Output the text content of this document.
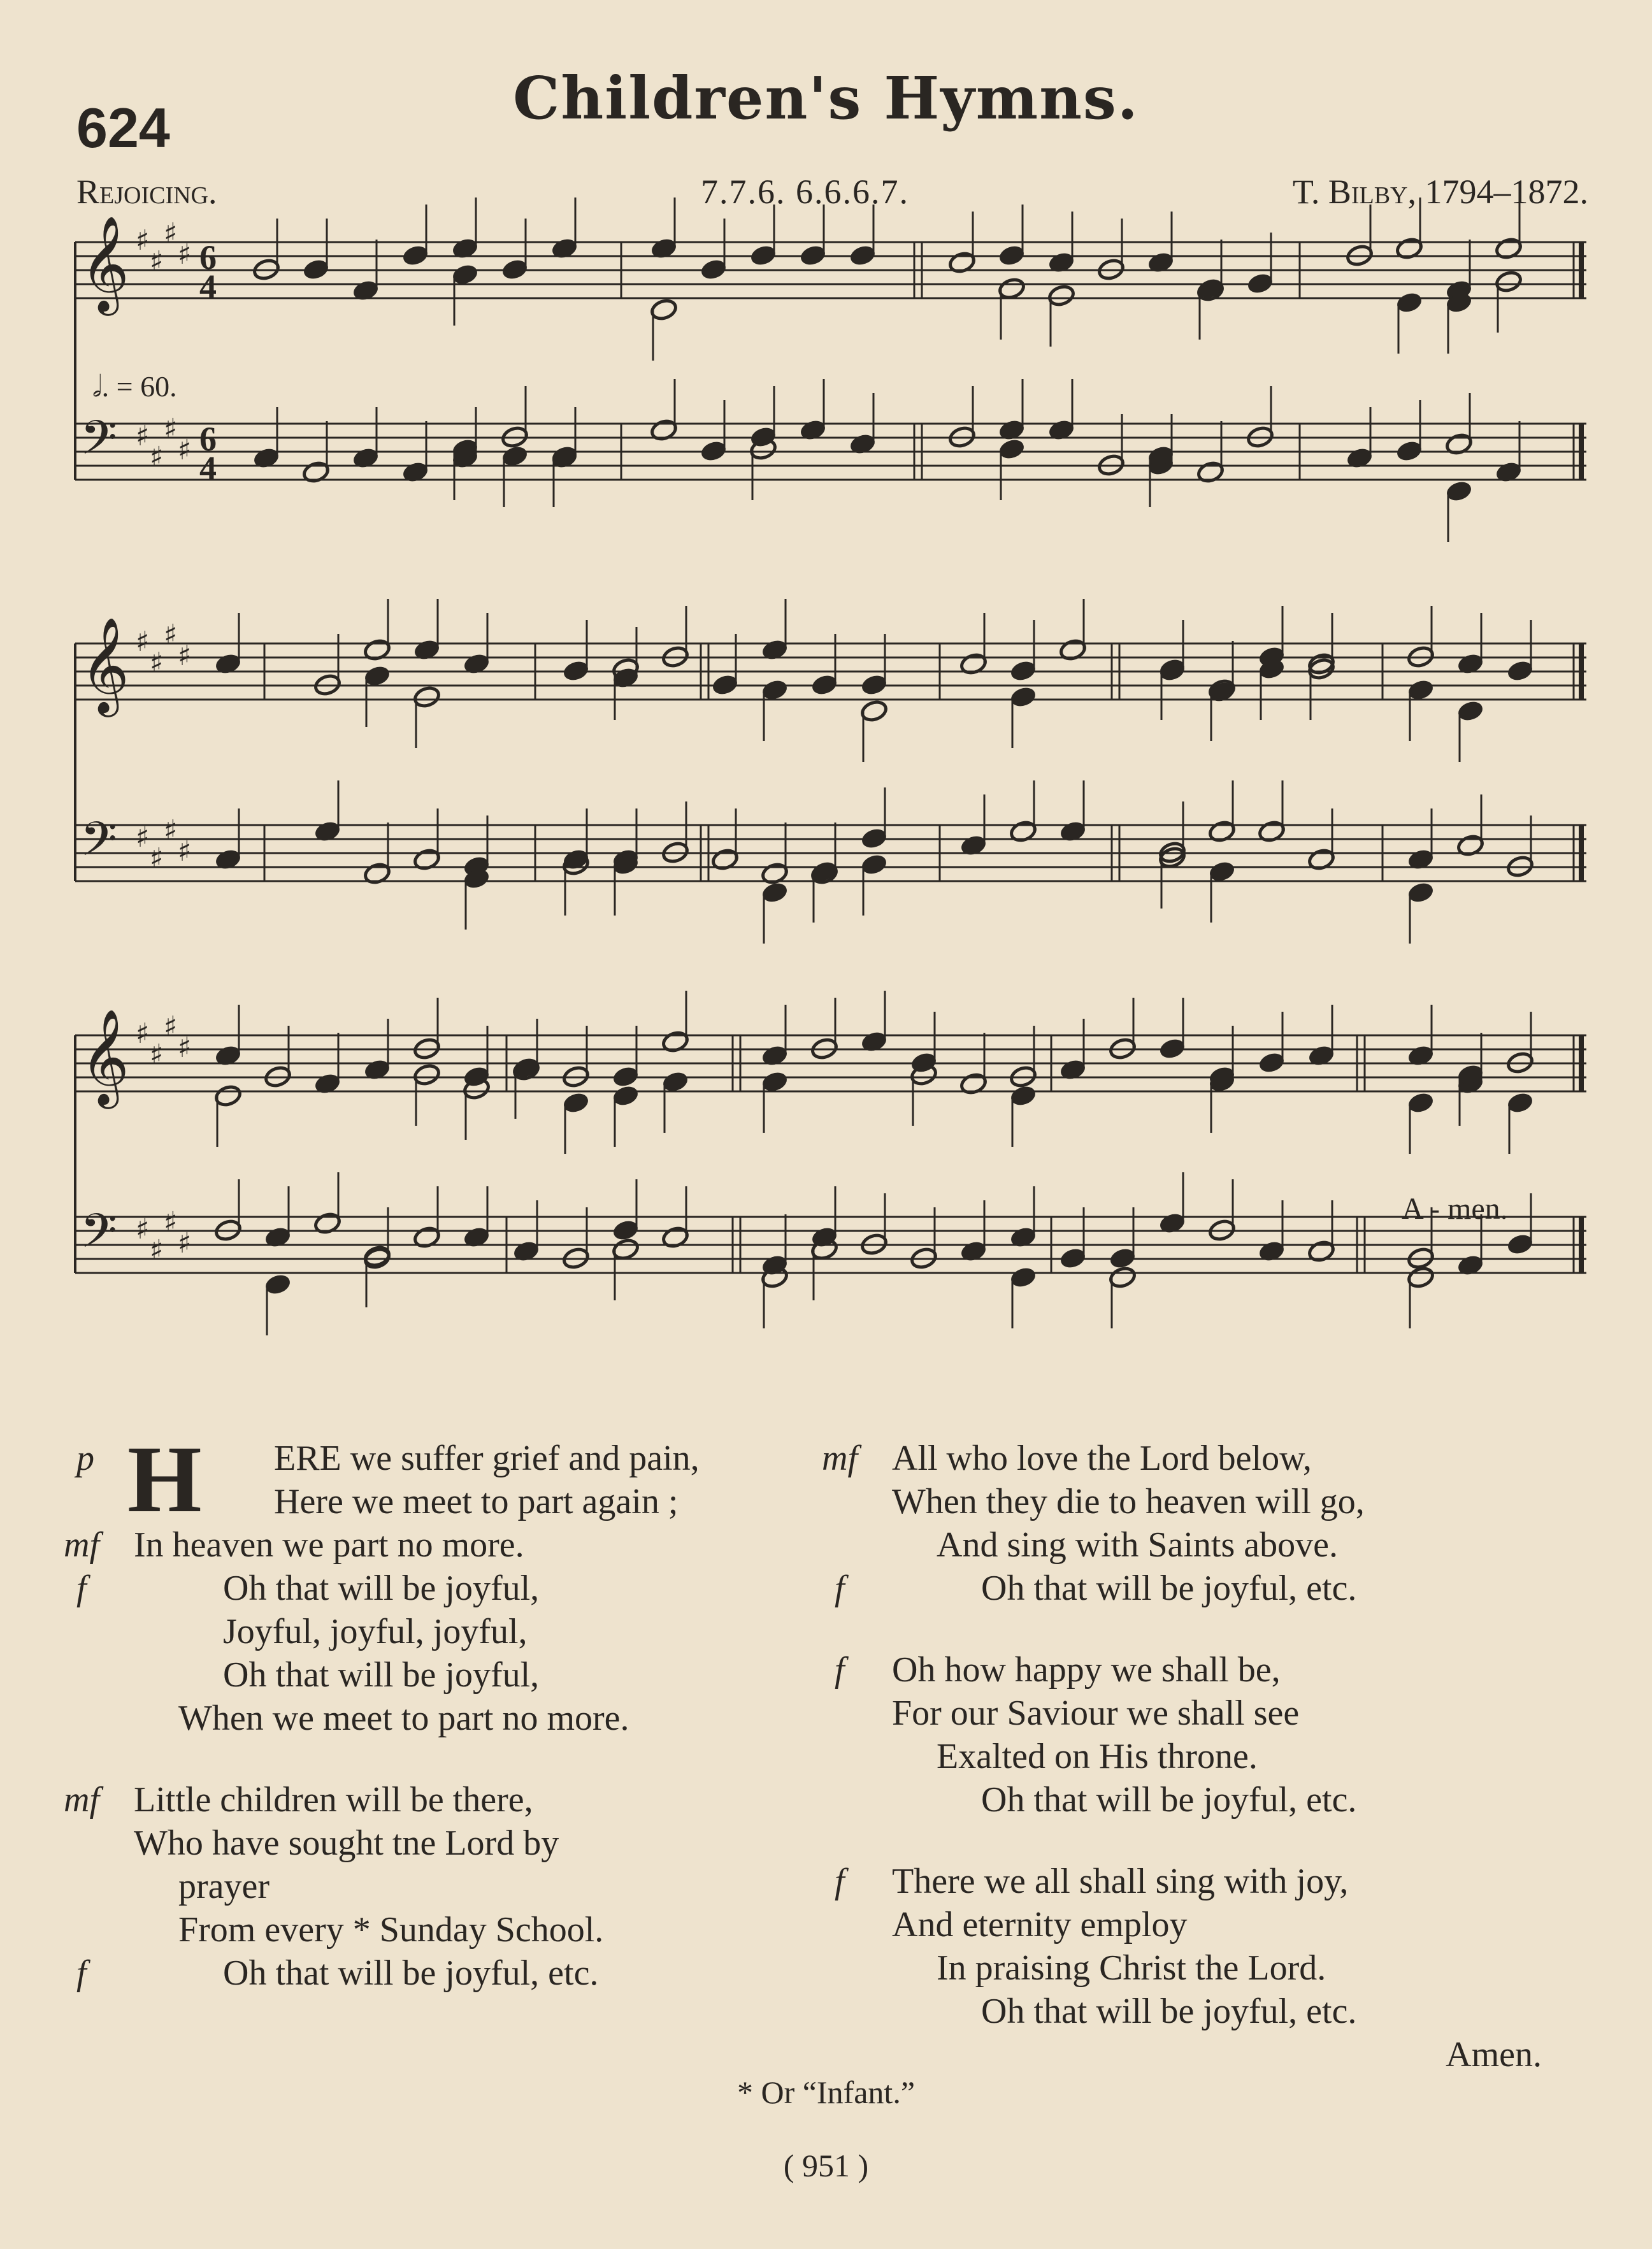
624	Children's Hymns.
Rejoicing.	7.7.6. 6.6.6.7.	T. Bilby, 1794–1872.
𝄞
𝄢
♯
♯
♯
♯
♯
♯
♯
♯
6
4
6
4
𝄞
𝄢
♯
♯
♯
♯
♯
♯
♯
♯
𝄞
𝄢
♯
♯
♯
♯
♯
♯
♯
♯
𝅗𝅥. = 60.
A - men.
H
p	ERE we suffer grief and pain,
Here we meet to part again ;
mf In heaven we part no more.
f	Oh that will be joyful,
Joyful, joyful, joyful,
Oh that will be joyful,
When we meet to part no more.
mf Little children will be there,
Who have sought tne Lord by
prayer
From every * Sunday School.
f	Oh that will be joyful, etc.
mf All who love the Lord below,
When they die to heaven will go,
And sing with Saints above.
f	Oh that will be joyful, etc.
f Oh how happy we shall be,
For our Saviour we shall see
Exalted on His throne.
Oh that will be joyful, etc.
f There we all shall sing with joy,
And eternity employ
In praising Christ the Lord.
Oh that will be joyful, etc.
Amen.
* Or “Infant.”
( 951 )
